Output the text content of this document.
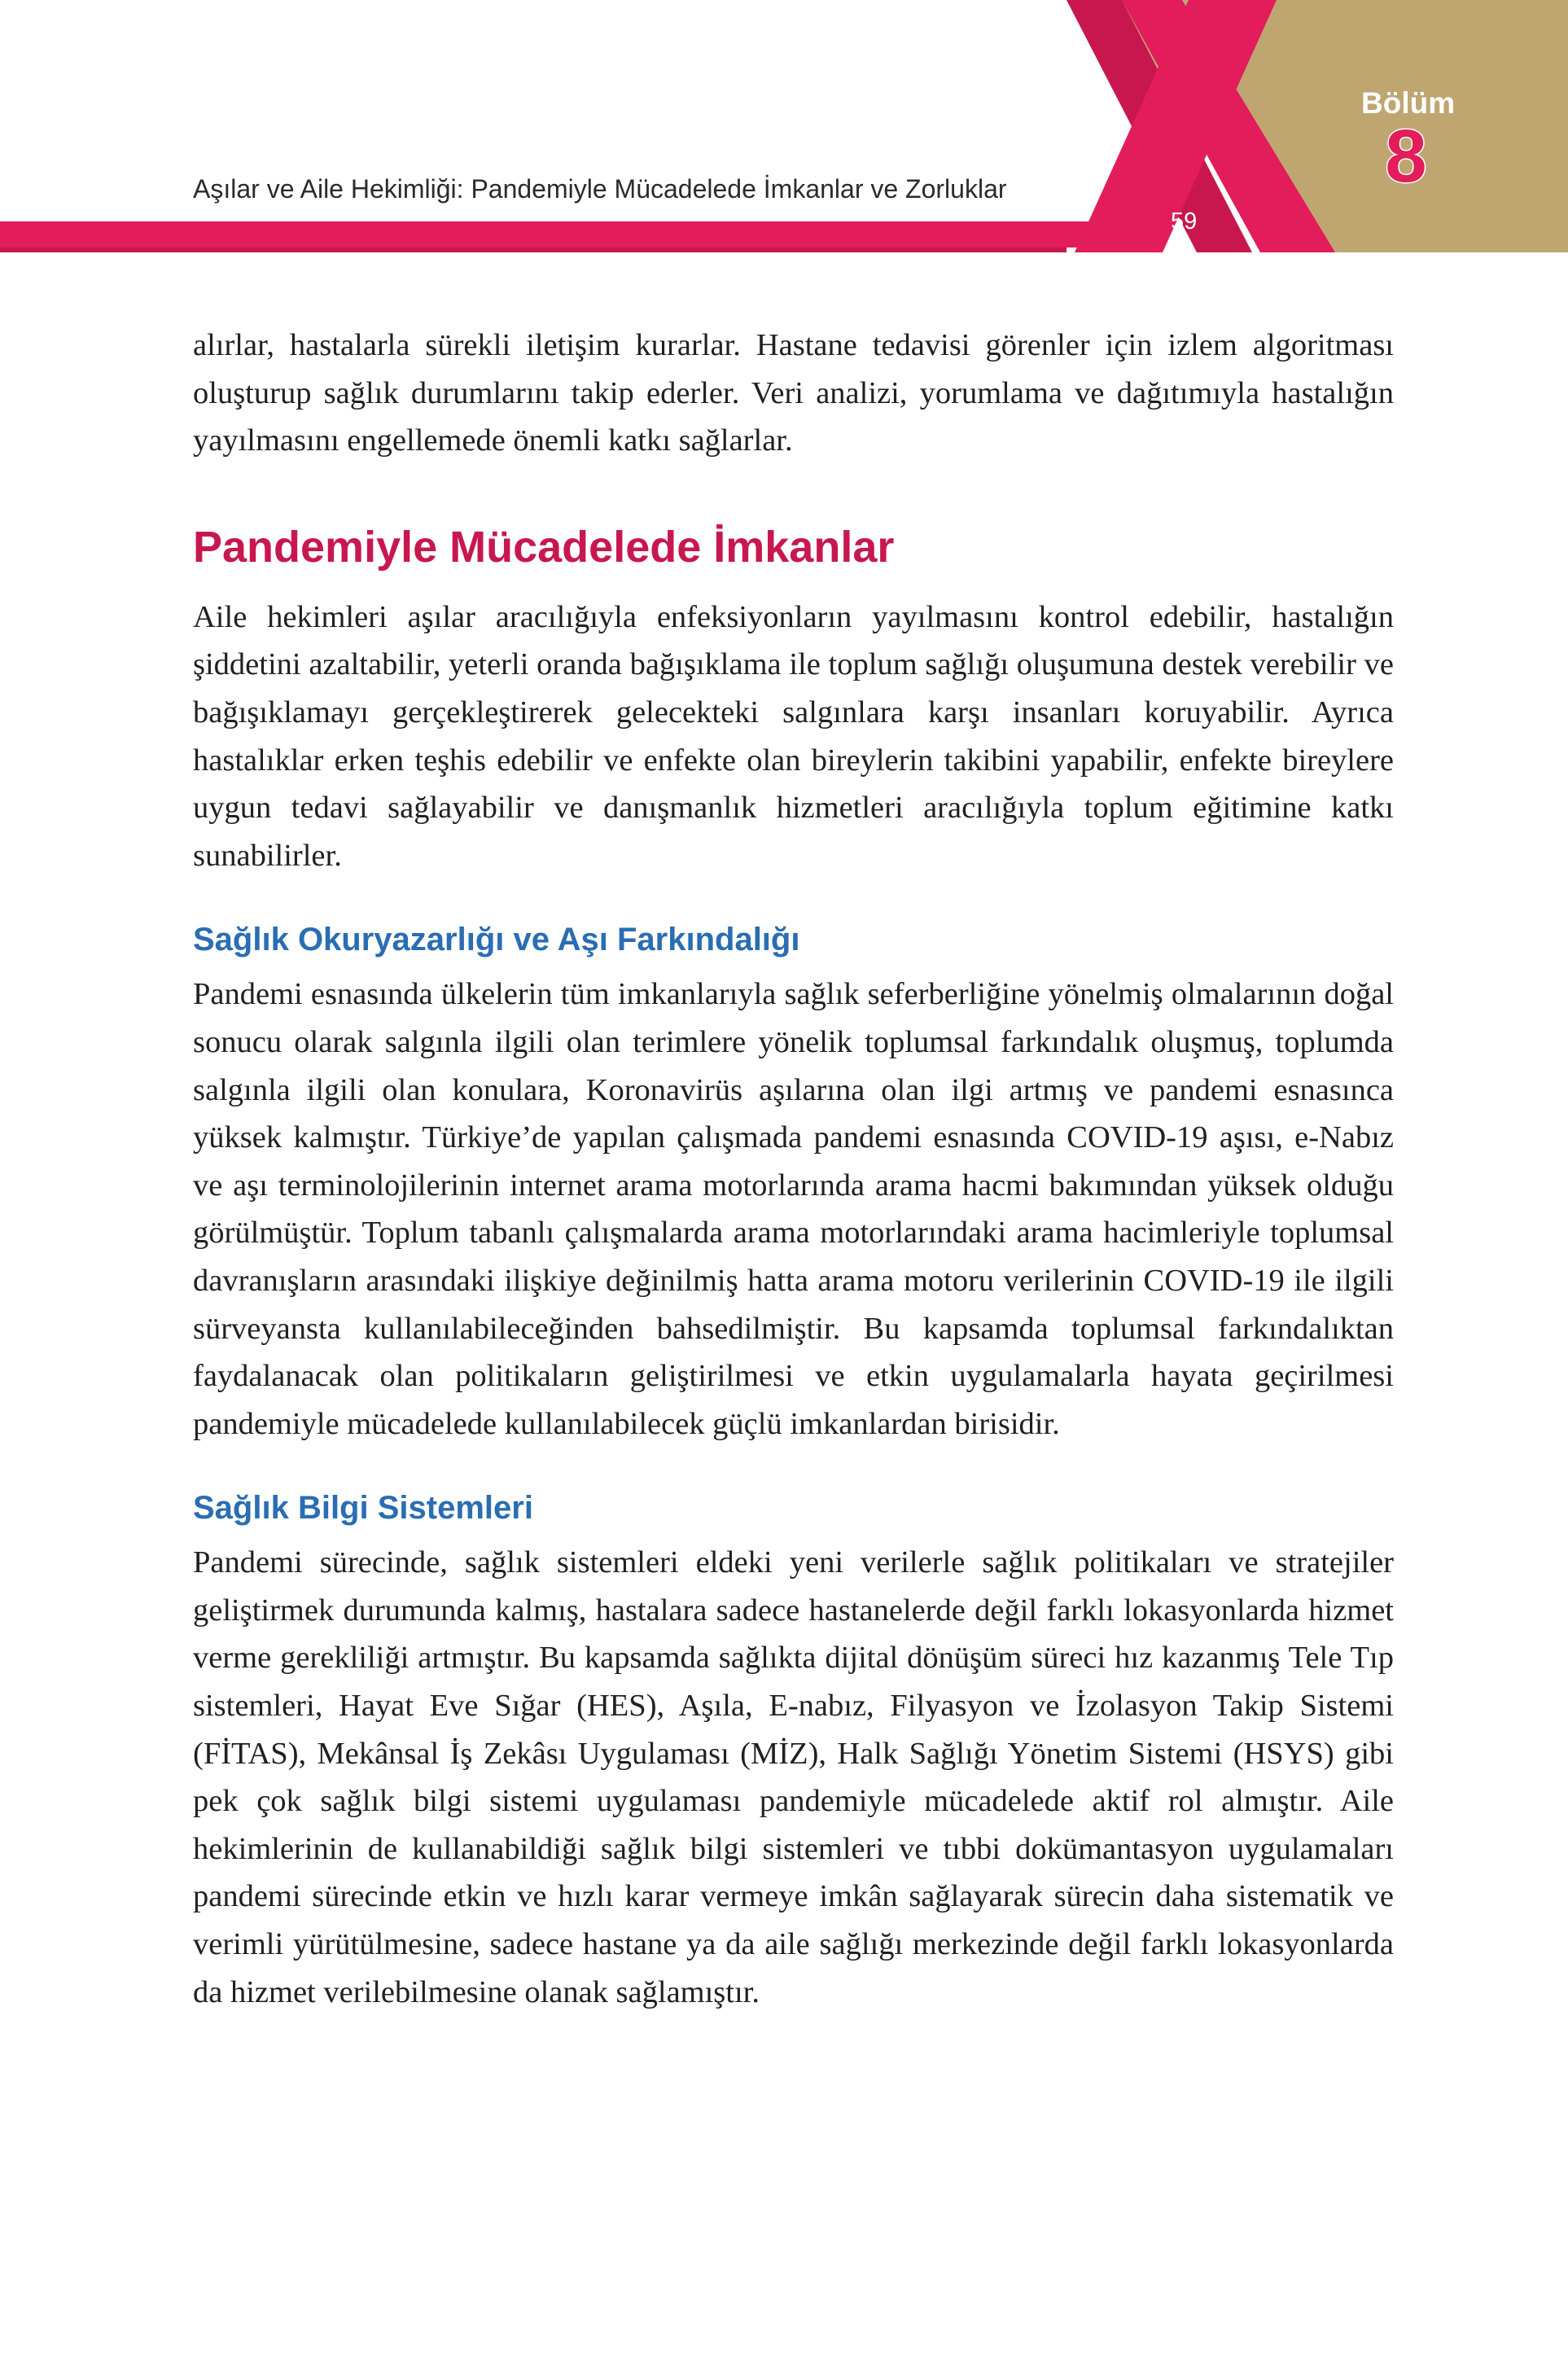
Aşılar ve Aile Hekimliği: Pandemiyle Mücadelede İmkanlar ve Zorluklar
59
Bölüm
8

alırlar, hastalarla sürekli iletişim kurarlar. Hastane tedavisi görenler için izlem algoritması oluşturup sağlık durumlarını takip ederler. Veri analizi, yorumlama ve dağıtımıyla hastalığın yayılmasını engellemede önemli katkı sağlarlar.

Pandemiyle Mücadelede İmkanlar

Aile hekimleri aşılar aracılığıyla enfeksiyonların yayılmasını kontrol edebilir, hastalığın şiddetini azaltabilir, yeterli oranda bağışıklama ile toplum sağlığı oluşumuna destek verebilir ve bağışıklamayı gerçekleştirerek gelecekteki salgınlara karşı insanları koruyabilir. Ayrıca hastalıklar erken teşhis edebilir ve enfekte olan bireylerin takibini yapabilir, enfekte bireylere uygun tedavi sağlayabilir ve danışmanlık hizmetleri aracılığıyla toplum eğitimine katkı sunabilirler.

Sağlık Okuryazarlığı ve Aşı Farkındalığı

Pandemi esnasında ülkelerin tüm imkanlarıyla sağlık seferberliğine yönelmiş olmalarının doğal sonucu olarak salgınla ilgili olan terimlere yönelik toplumsal farkındalık oluşmuş, toplumda salgınla ilgili olan konulara, Koronavirüs aşılarına olan ilgi artmış ve pandemi esnasınca yüksek kalmıştır. Türkiye’de yapılan çalışmada pandemi esnasında COVID-19 aşısı, e-Nabız ve aşı terminolojilerinin internet arama motorlarında arama hacmi bakımından yüksek olduğu görülmüştür. Toplum tabanlı çalışmalarda arama motorlarındaki arama hacimleriyle toplumsal davranışların arasındaki ilişkiye değinilmiş hatta arama motoru verilerinin COVID-19 ile ilgili sürveyansta kullanılabileceğinden bahsedilmiştir. Bu kapsamda toplumsal farkındalıktan faydalanacak olan politikaların geliştirilmesi ve etkin uygulamalarla hayata geçirilmesi pandemiyle mücadelede kullanılabilecek güçlü imkanlardan birisidir.

Sağlık Bilgi Sistemleri

Pandemi sürecinde, sağlık sistemleri eldeki yeni verilerle sağlık politikaları ve stratejiler geliştirmek durumunda kalmış, hastalara sadece hastanelerde değil farklı lokasyonlarda hizmet verme gerekliliği artmıştır. Bu kapsamda sağlıkta dijital dönüşüm süreci hız kazanmış Tele Tıp sistemleri, Hayat Eve Sığar (HES), Aşıla, E-nabız, Filyasyon ve İzolasyon Takip Sistemi (FİTAS), Mekânsal İş Zekâsı Uygulaması (MİZ), Halk Sağlığı Yönetim Sistemi (HSYS) gibi pek çok sağlık bilgi sistemi uygulaması pandemiyle mücadelede aktif rol almıştır. Aile hekimlerinin de kullanabildiği sağlık bilgi sistemleri ve tıbbi dokümantasyon uygulamaları pandemi sürecinde etkin ve hızlı karar vermeye imkân sağlayarak sürecin daha sistematik ve verimli yürütülmesine, sadece hastane ya da aile sağlığı merkezinde değil farklı lokasyonlarda da hizmet verilebilmesine olanak sağlamıştır.
